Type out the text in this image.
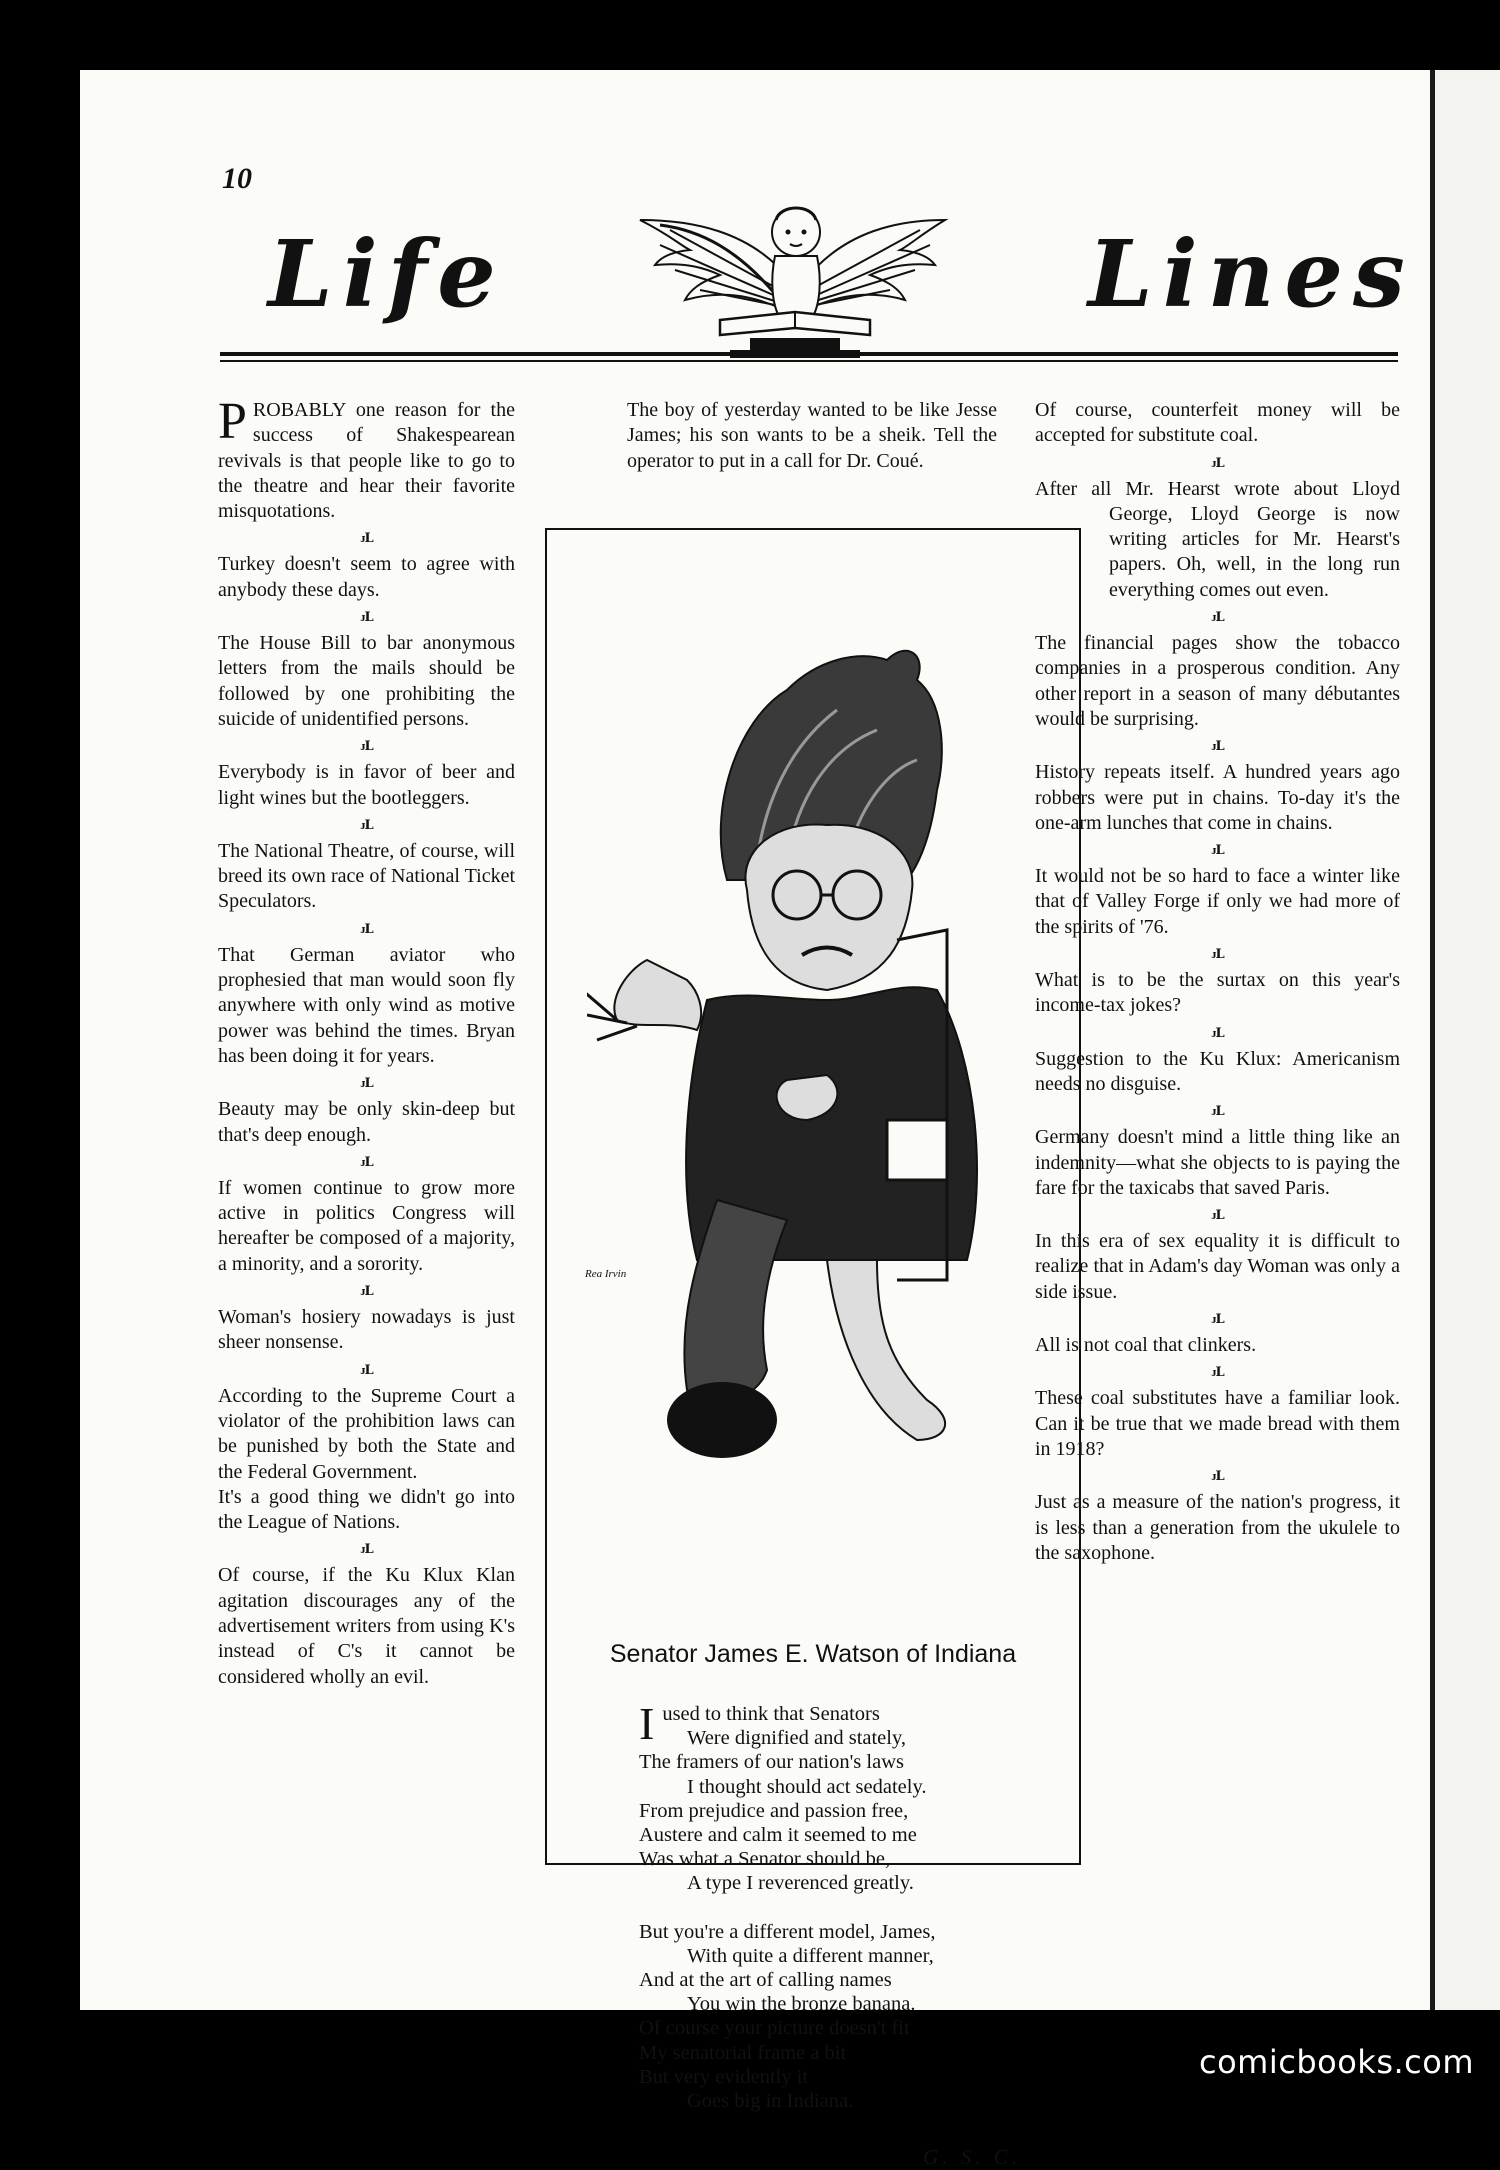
10
Life	Lines

PROBABLY one reason for the success of Shakespearean revivals is that people like to go to the theatre and hear their favorite misquotations.

ᴊ𝐋

Turkey doesn't seem to agree with anybody these days.

ᴊ𝐋

The House Bill to bar anonymous letters from the mails should be followed by one prohibiting the suicide of unidentified persons.

ᴊ𝐋

Everybody is in favor of beer and light wines but the bootleggers.

ᴊ𝐋

The National Theatre, of course, will breed its own race of National Ticket Speculators.

ᴊ𝐋

That German aviator who prophesied that man would soon fly anywhere with only wind as motive power was behind the times. Bryan has been doing it for years.

ᴊ𝐋

Beauty may be only skin-deep but that's deep enough.

ᴊ𝐋

If women continue to grow more active in politics Congress will hereafter be composed of a majority, a minority, and a sorority.

ᴊ𝐋

Woman's hosiery nowadays is just sheer nonsense.

ᴊ𝐋

According to the Supreme Court a violator of the prohibition laws can be punished by both the State and the Federal Government.

It's a good thing we didn't go into the League of Nations.

ᴊ𝐋

Of course, if the Ku Klux Klan agitation discourages any of the advertisement writers from using K's instead of C's it cannot be considered wholly an evil.

The boy of yesterday wanted to be like Jesse James; his son wants to be a sheik. Tell the operator to put in a call for Dr. Coué.

Rea Irvin
Senator James E. Watson of Indiana
I used to think that Senators
Were dignified and stately,
The framers of our nation's laws
I thought should act sedately.
From prejudice and passion free,
Austere and calm it seemed to me
Was what a Senator should be,
A type I reverenced greatly.
But you're a different model, James,
With quite a different manner,
And at the art of calling names
You win the bronze banana.
Of course your picture doesn't fit
My senatorial frame a bit
But very evidently it
Goes big in Indiana.
G. S. C.

Of course, counterfeit money will be accepted for substitute coal.

ᴊ𝐋

After all Mr. Hearst wrote about Lloyd George, Lloyd George is now writing articles for Mr. Hearst's papers. Oh, well, in the long run everything comes out even.

ᴊ𝐋

The financial pages show the tobacco companies in a prosperous condition. Any other report in a season of many débutantes would be surprising.

ᴊ𝐋

History repeats itself. A hundred years ago robbers were put in chains. To-day it's the one-arm lunches that come in chains.

ᴊ𝐋

It would not be so hard to face a winter like that of Valley Forge if only we had more of the spirits of '76.

ᴊ𝐋

What is to be the surtax on this year's income-tax jokes?

ᴊ𝐋

Suggestion to the Ku Klux: Americanism needs no disguise.

ᴊ𝐋

Germany doesn't mind a little thing like an indemnity—what she objects to is paying the fare for the taxicabs that saved Paris.

ᴊ𝐋

In this era of sex equality it is difficult to realize that in Adam's day Woman was only a side issue.

ᴊ𝐋

All is not coal that clinkers.

ᴊ𝐋

These coal substitutes have a familiar look. Can it be true that we made bread with them in 1918?

ᴊ𝐋

Just as a measure of the nation's progress, it is less than a generation from the ukulele to the saxophone.

comicbooks.com
